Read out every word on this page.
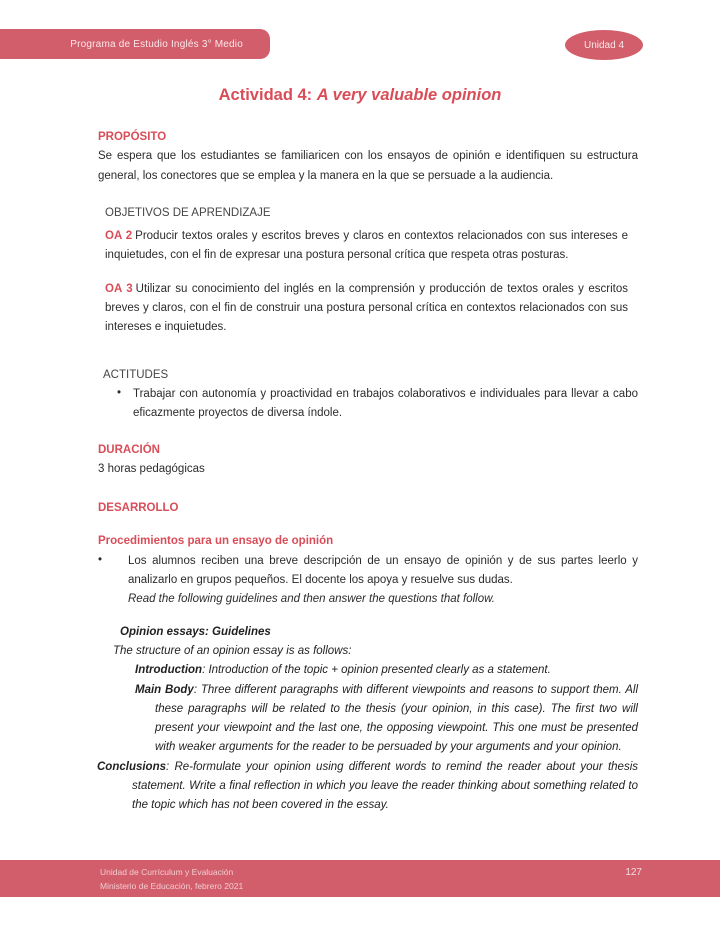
Programa de Estudio Inglés 3° Medio	Unidad 4
Actividad 4: A very valuable opinion
PROPÓSITO
Se espera que los estudiantes se familiaricen con los ensayos de opinión e identifiquen su estructura general, los conectores que se emplea y la manera en la que se persuade a la audiencia.
OBJETIVOS DE APRENDIZAJE
OA 2 Producir textos orales y escritos breves y claros en contextos relacionados con sus intereses e inquietudes, con el fin de expresar una postura personal crítica que respeta otras posturas.
OA 3 Utilizar su conocimiento del inglés en la comprensión y producción de textos orales y escritos breves y claros, con el fin de construir una postura personal crítica en contextos relacionados con sus intereses e inquietudes.
ACTITUDES
• Trabajar con autonomía y proactividad en trabajos colaborativos e individuales para llevar a cabo eficazmente proyectos de diversa índole.
DURACIÓN
3 horas pedagógicas
DESARROLLO
Procedimientos para un ensayo de opinión
• Los alumnos reciben una breve descripción de un ensayo de opinión y de sus partes leerlo y analizarlo en grupos pequeños. El docente los apoya y resuelve sus dudas.
Read the following guidelines and then answer the questions that follow.
Opinion essays: Guidelines
The structure of an opinion essay is as follows:
Introduction: Introduction of the topic + opinion presented clearly as a statement.
Main Body: Three different paragraphs with different viewpoints and reasons to support them. All these paragraphs will be related to the thesis (your opinion, in this case). The first two will present your viewpoint and the last one, the opposing viewpoint. This one must be presented with weaker arguments for the reader to be persuaded by your arguments and your opinion.
Conclusions: Re-formulate your opinion using different words to remind the reader about your thesis statement. Write a final reflection in which you leave the reader thinking about something related to the topic which has not been covered in the essay.
Unidad de Currículum y Evaluación
Ministerio de Educación, febrero 2021
127
